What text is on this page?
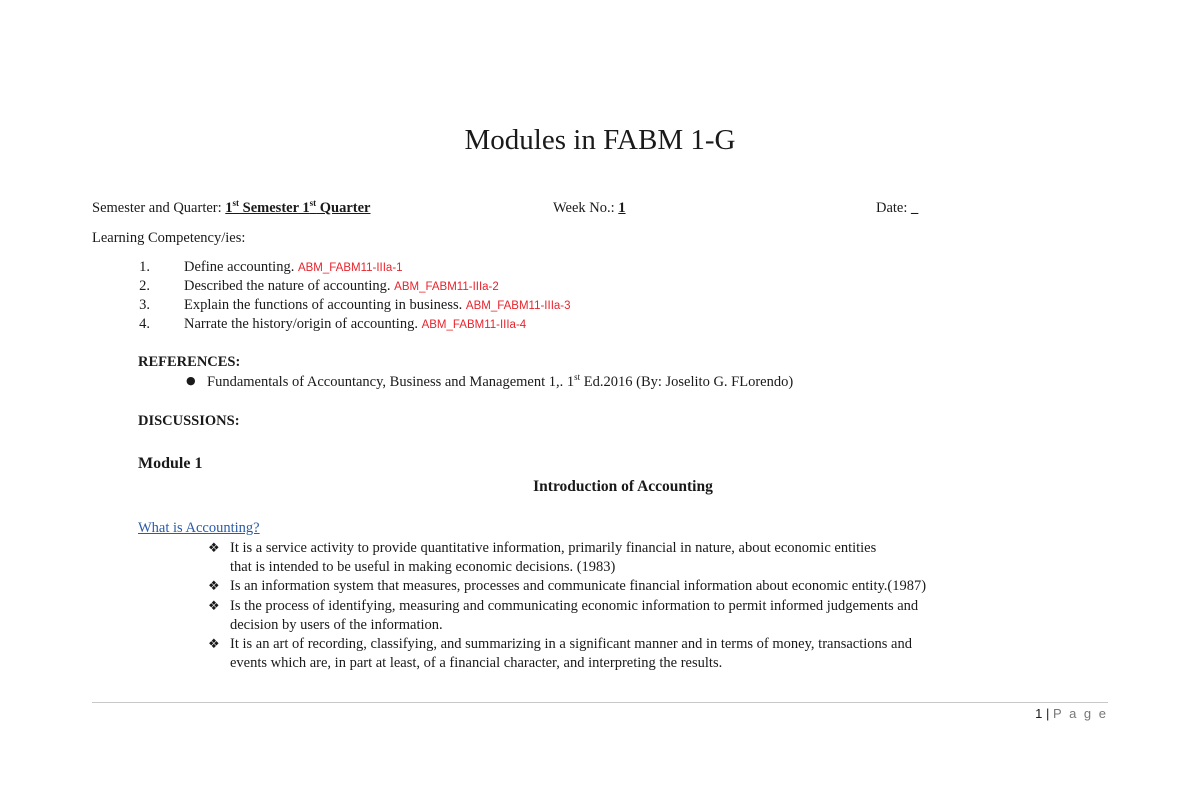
Modules in FABM 1-G
Semester and Quarter: 1st Semester 1st Quarter	Week No.: 1	Date: _
Learning Competency/ies:
1. Define accounting. ABM_FABM11-IIIa-1
2. Described the nature of accounting. ABM_FABM11-IIIa-2
3. Explain the functions of accounting in business. ABM_FABM11-IIIa-3
4. Narrate the history/origin of accounting. ABM_FABM11-IIIa-4
REFERENCES:
● Fundamentals of Accountancy, Business and Management 1,. 1st Ed.2016 (By: Joselito G. FLorendo)
DISCUSSIONS:
Module 1
Introduction of Accounting
What is Accounting?
❖ It is a service activity to provide quantitative information, primarily financial in nature, about economic entities
that is intended to be useful in making economic decisions. (1983)
❖ Is an information system that measures, processes and communicate financial information about economic entity.(1987)
❖ Is the process of identifying, measuring and communicating economic information to permit informed judgements and
decision by users of the information.
❖ It is an art of recording, classifying, and summarizing in a significant manner and in terms of money, transactions and
events which are, in part at least, of a financial character, and interpreting the results.
1 | P a g e
